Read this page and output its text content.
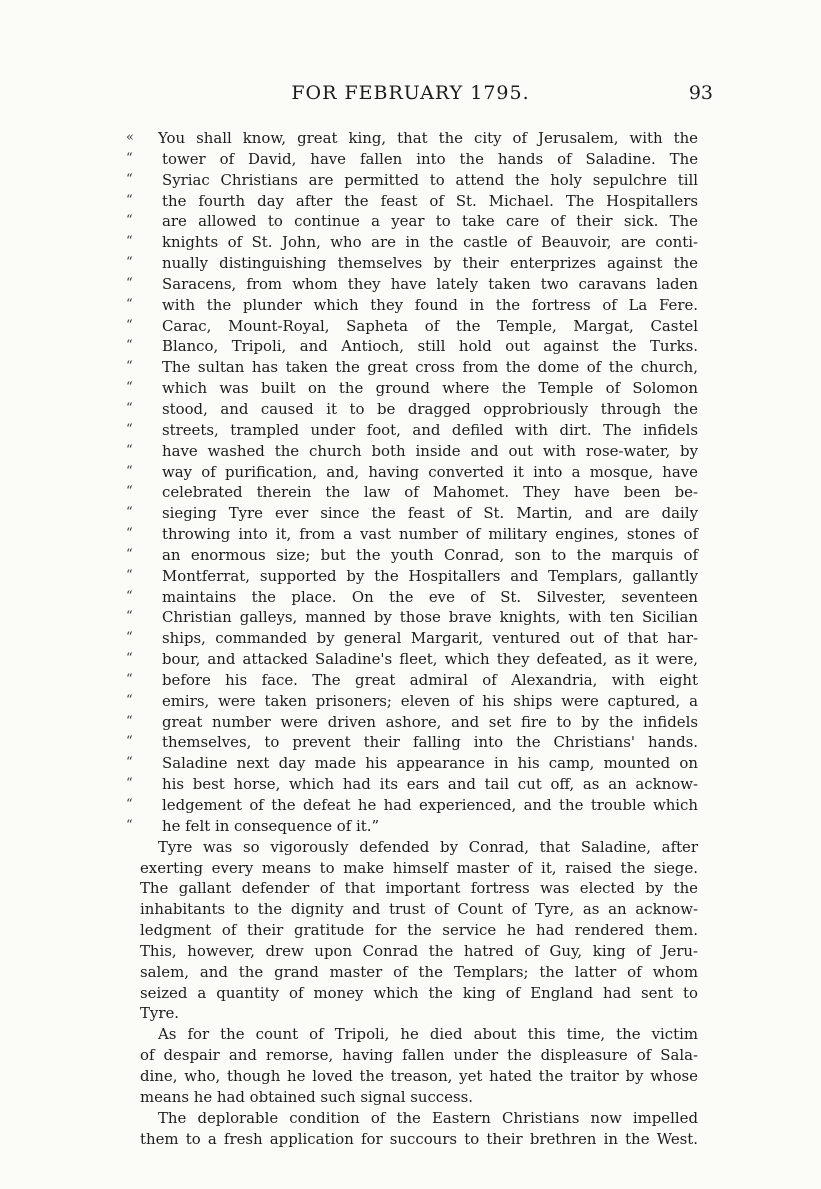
FOR FEBRUARY 1795.	93
« You shall know, great king, that the city of Jerusalem, with the
“ tower of David, have fallen into the hands of Saladine. The
“ Syriac Christians are permitted to attend the holy sepulchre till
“ the fourth day after the feast of St. Michael. The Hospitallers
“ are allowed to continue a year to take care of their sick. The
“ knights of St. John, who are in the castle of Beauvoir, are conti-
“ nually distinguishing themselves by their enterprizes against the
“ Saracens, from whom they have lately taken two caravans laden
“ with the plunder which they found in the fortress of La Fere.
“ Carac, Mount-Royal, Sapheta of the Temple, Margat, Castel
“ Blanco, Tripoli, and Antioch, still hold out against the Turks.
“ The sultan has taken the great cross from the dome of the church,
“ which was built on the ground where the Temple of Solomon
“ stood, and caused it to be dragged opprobriously through the
“ streets, trampled under foot, and defiled with dirt. The infidels
“ have washed the church both inside and out with rose-water, by
“ way of purification, and, having converted it into a mosque, have
“ celebrated therein the law of Mahomet. They have been be-
“ sieging Tyre ever since the feast of St. Martin, and are daily
“ throwing into it, from a vast number of military engines, stones of
“ an enormous size; but the youth Conrad, son to the marquis of
“ Montferrat, supported by the Hospitallers and Templars, gallantly
“ maintains the place. On the eve of St. Silvester, seventeen
“ Christian galleys, manned by those brave knights, with ten Sicilian
“ ships, commanded by general Margarit, ventured out of that har-
“ bour, and attacked Saladine's fleet, which they defeated, as it were,
“ before his face. The great admiral of Alexandria, with eight
“ emirs, were taken prisoners; eleven of his ships were captured, a
“ great number were driven ashore, and set fire to by the infidels
“ themselves, to prevent their falling into the Christians' hands.
“ Saladine next day made his appearance in his camp, mounted on
“ his best horse, which had its ears and tail cut off, as an acknow-
“ ledgement of the defeat he had experienced, and the trouble which
“ he felt in consequence of it.”
Tyre was so vigorously defended by Conrad, that Saladine, after
exerting every means to make himself master of it, raised the siege.
The gallant defender of that important fortress was elected by the
inhabitants to the dignity and trust of Count of Tyre, as an acknow-
ledgment of their gratitude for the service he had rendered them.
This, however, drew upon Conrad the hatred of Guy, king of Jeru-
salem, and the grand master of the Templars; the latter of whom
seized a quantity of money which the king of England had sent to
Tyre.
As for the count of Tripoli, he died about this time, the victim
of despair and remorse, having fallen under the displeasure of Sala-
dine, who, though he loved the treason, yet hated the traitor by whose
means he had obtained such signal success.
The deplorable condition of the Eastern Christians now impelled
them to a fresh application for succours to their brethren in the West.
